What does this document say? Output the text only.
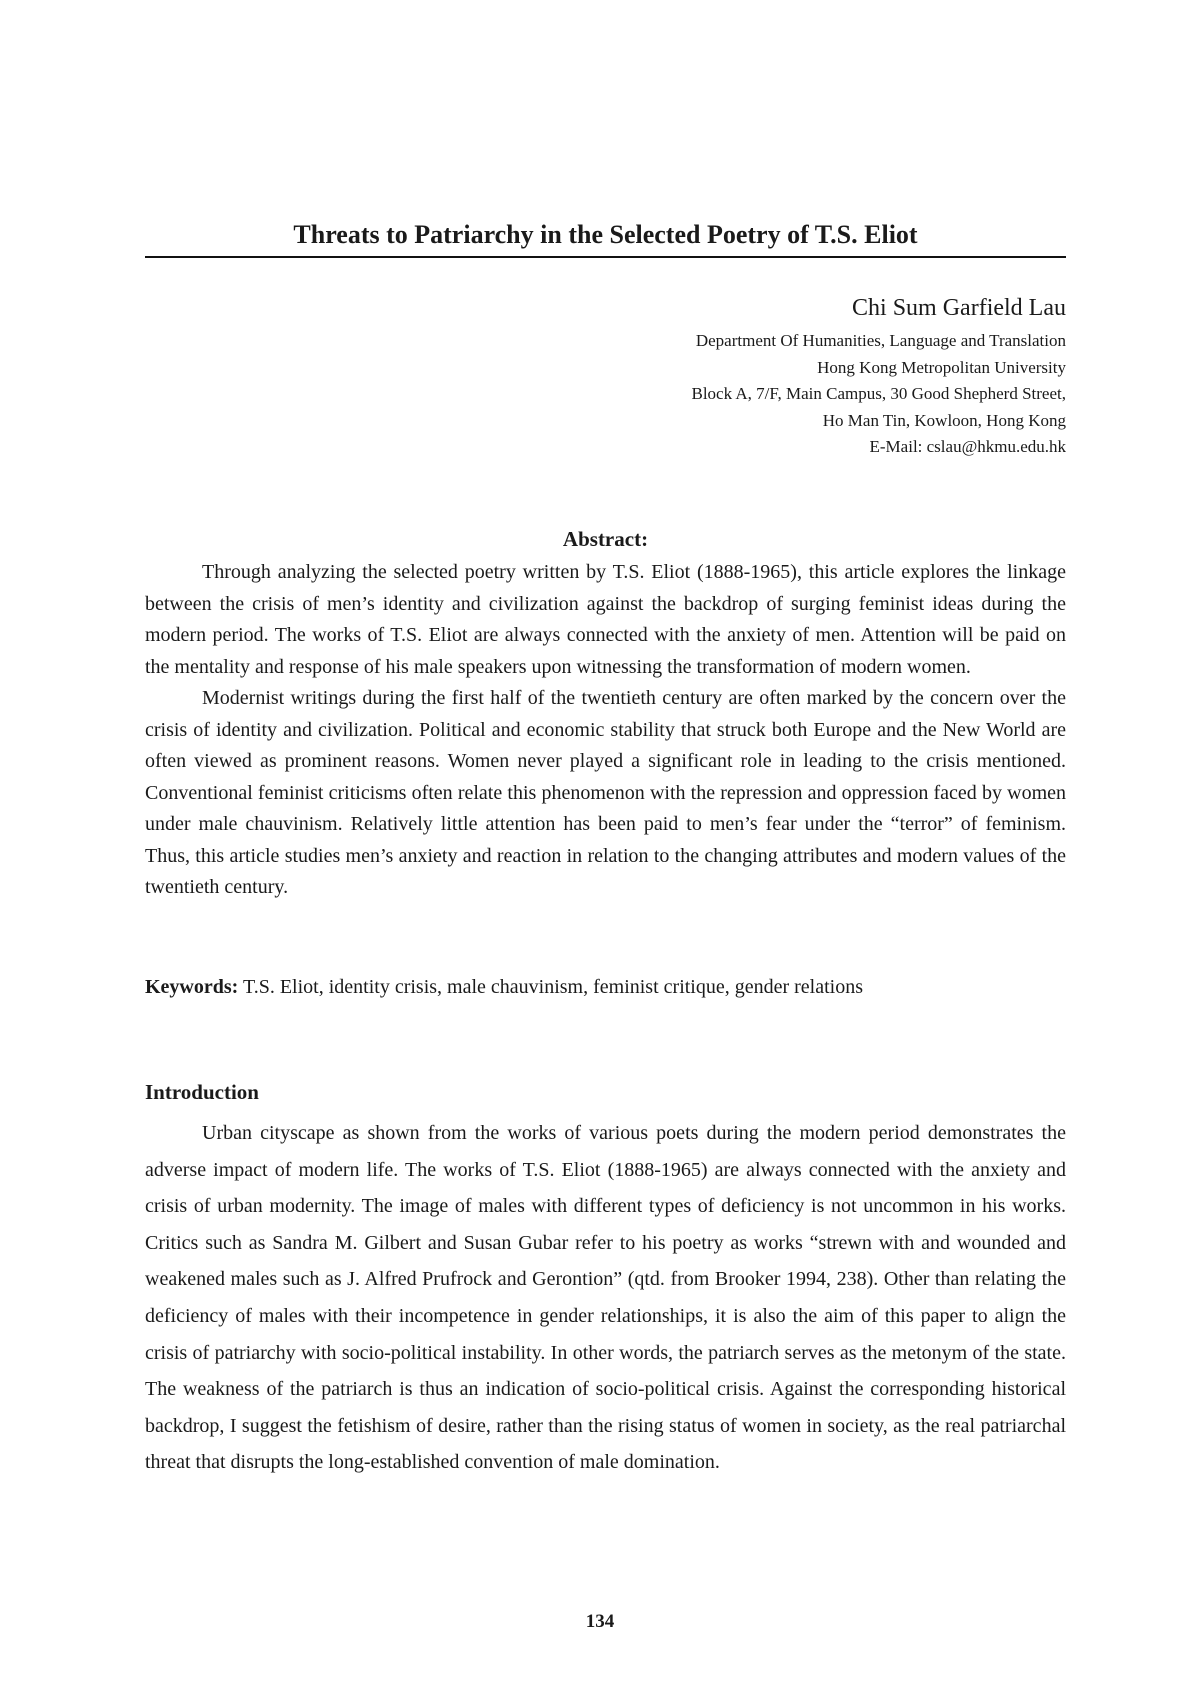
Threats to Patriarchy in the Selected Poetry of T.S. Eliot
Chi Sum Garfield Lau
Department Of Humanities, Language and Translation
Hong Kong Metropolitan University
Block A, 7/F, Main Campus, 30 Good Shepherd Street,
Ho Man Tin, Kowloon, Hong Kong
E-Mail: cslau@hkmu.edu.hk
Abstract:

Through analyzing the selected poetry written by T.S. Eliot (1888-1965), this article explores the linkage between the crisis of men’s identity and civilization against the backdrop of surging feminist ideas during the modern period. The works of T.S. Eliot are always connected with the anxiety of men. Attention will be paid on the mentality and response of his male speakers upon witnessing the transformation of modern women.

Modernist writings during the first half of the twentieth century are often marked by the concern over the crisis of identity and civilization. Political and economic stability that struck both Europe and the New World are often viewed as prominent reasons. Women never played a significant role in leading to the crisis mentioned. Conventional feminist criticisms often relate this phenomenon with the repression and oppression faced by women under male chauvinism. Relatively little attention has been paid to men’s fear under the “terror” of feminism. Thus, this article studies men’s anxiety and reaction in relation to the changing attributes and modern values of the twentieth century.

Keywords: T.S. Eliot, identity crisis, male chauvinism, feminist critique, gender relations

Introduction

Urban cityscape as shown from the works of various poets during the modern period demonstrates the adverse impact of modern life. The works of T.S. Eliot (1888-1965) are always connected with the anxiety and crisis of urban modernity. The image of males with different types of deficiency is not uncommon in his works. Critics such as Sandra M. Gilbert and Susan Gubar refer to his poetry as works “strewn with and wounded and weakened males such as J. Alfred Prufrock and Gerontion” (qtd. from Brooker 1994, 238). Other than relating the deficiency of males with their incompetence in gender relationships, it is also the aim of this paper to align the crisis of patriarchy with socio-political instability. In other words, the patriarch serves as the metonym of the state. The weakness of the patriarch is thus an indication of socio-political crisis. Against the corresponding historical backdrop, I suggest the fetishism of desire, rather than the rising status of women in society, as the real patriarchal threat that disrupts the long-established convention of male domination.

134
